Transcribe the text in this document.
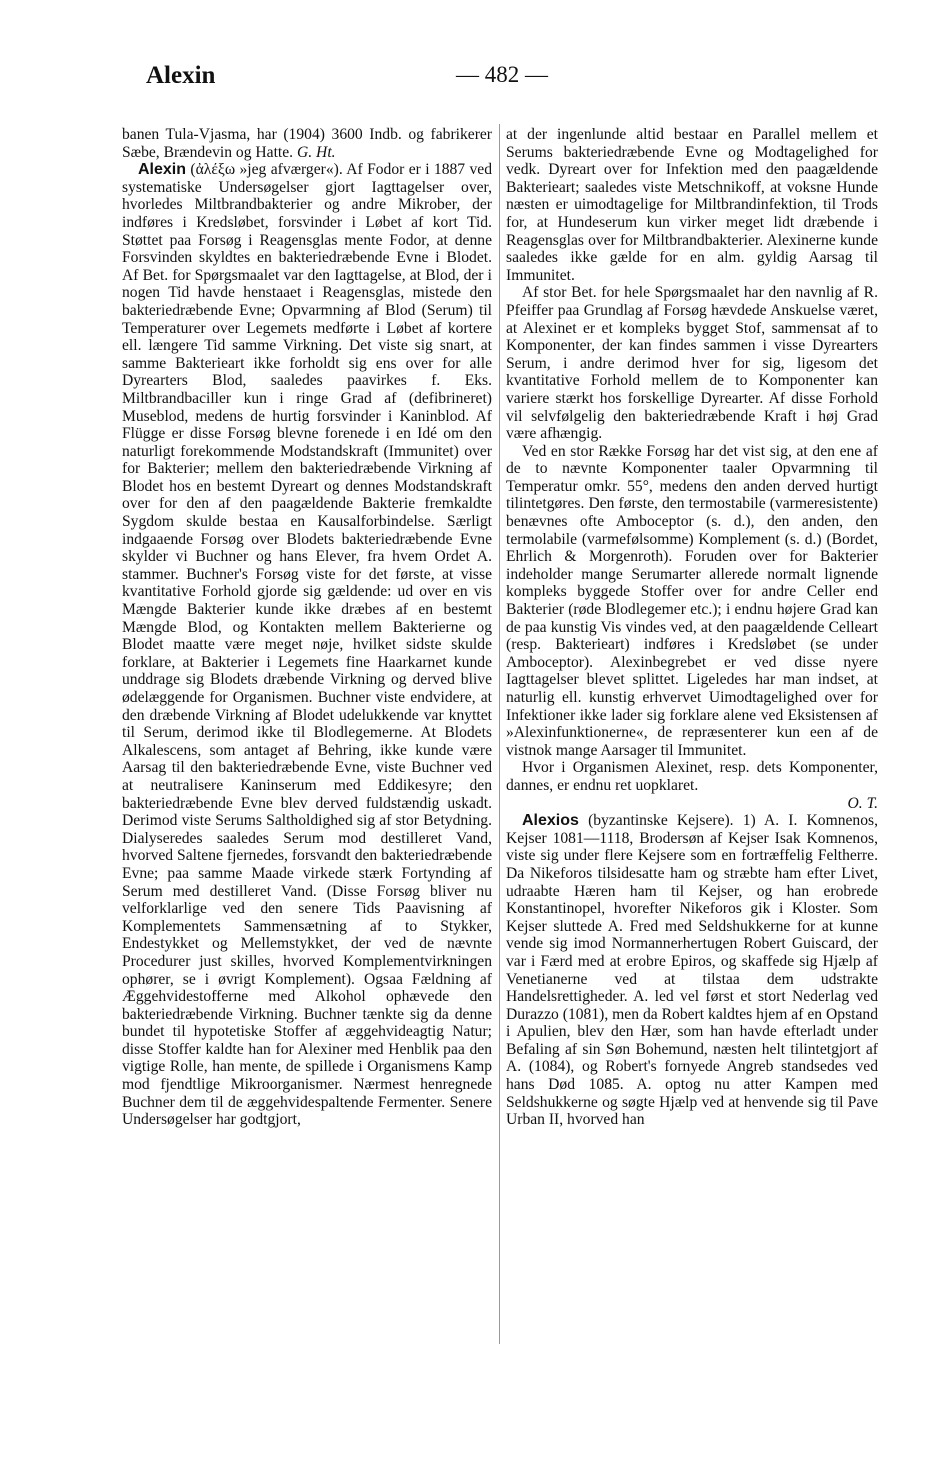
Alexin	— 482 —

banen Tula-Vjasma, har (1904) 3600 Indb. og fabrikerer Sæbe, Brændevin og Hatte. G. Ht.

Alexin (ἀλέξω »jeg afværger«). Af Fodor er i 1887 ved systematiske Undersøgelser gjort Iagttagelser over, hvorledes Miltbrandbakterier og andre Mikrober, der indføres i Kredsløbet, forsvinder i Løbet af kort Tid. Støttet paa Forsøg i Reagensglas mente Fodor, at denne Forsvinden skyldtes en bakteriedræbende Evne i Blodet. Af Bet. for Spørgsmaalet var den Iagttagelse, at Blod, der i nogen Tid havde henstaaet i Reagensglas, mistede den bakteriedræbende Evne; Opvarmning af Blod (Serum) til Temperaturer over Legemets medførte i Løbet af kortere ell. længere Tid samme Virkning. Det viste sig snart, at samme Bakterieart ikke forholdt sig ens over for alle Dyrearters Blod, saaledes paavirkes f. Eks. Miltbrandbaciller kun i ringe Grad af (defibrineret) Museblod, medens de hurtig forsvinder i Kaninblod. Af Flügge er disse Forsøg blevne forenede i en Idé om den naturligt forekommende Modstandskraft (Immunitet) over for Bakterier; mellem den bakteriedræbende Virkning af Blodet hos en bestemt Dyreart og dennes Modstandskraft over for den af den paagældende Bakterie fremkaldte Sygdom skulde bestaa en Kausalforbindelse. Særligt indgaaende Forsøg over Blodets bakteriedræbende Evne skylder vi Buchner og hans Elever, fra hvem Ordet A. stammer. Buchner's Forsøg viste for det første, at visse kvantitative Forhold gjorde sig gældende: ud over en vis Mængde Bakterier kunde ikke dræbes af en bestemt Mængde Blod, og Kontakten mellem Bakterierne og Blodet maatte være meget nøje, hvilket sidste skulde forklare, at Bakterier i Legemets fine Haarkarnet kunde unddrage sig Blodets dræbende Virkning og derved blive ødelæggende for Organismen. Buchner viste endvidere, at den dræbende Virkning af Blodet udelukkende var knyttet til Serum, derimod ikke til Blodlegemerne. At Blodets Alkalescens, som antaget af Behring, ikke kunde være Aarsag til den bakteriedræbende Evne, viste Buchner ved at neutralisere Kaninserum med Eddikesyre; den bakteriedræbende Evne blev derved fuldstændig uskadt. Derimod viste Serums Saltholdighed sig af stor Betydning. Dialyseredes saaledes Serum mod destilleret Vand, hvorved Saltene fjernedes, forsvandt den bakteriedræbende Evne; paa samme Maade virkede stærk Fortynding af Serum med destilleret Vand. (Disse Forsøg bliver nu velforklarlige ved den senere Tids Paavisning af Komplementets Sammensætning af to Stykker, Endestykket og Mellemstykket, der ved de nævnte Procedurer just skilles, hvorved Komplementvirkningen ophører, se i øvrigt Komplement). Ogsaa Fældning af Æggehvidestofferne med Alkohol ophævede den bakteriedræbende Virkning. Buchner tænkte sig da denne bundet til hypotetiske Stoffer af æggehvideagtig Natur; disse Stoffer kaldte han for Alexiner med Henblik paa den vigtige Rolle, han mente, de spillede i Organismens Kamp mod fjendtlige Mikroorganismer. Nærmest henregnede Buchner dem til de æggehvidespaltende Fermenter. Senere Undersøgelser har godtgjort,

at der ingenlunde altid bestaar en Parallel mellem et Serums bakteriedræbende Evne og Modtagelighed for vedk. Dyreart over for Infektion med den paagældende Bakterieart; saaledes viste Metschnikoff, at voksne Hunde næsten er uimodtagelige for Miltbrandinfektion, til Trods for, at Hundeserum kun virker meget lidt dræbende i Reagensglas over for Miltbrandbakterier. Alexinerne kunde saaledes ikke gælde for en alm. gyldig Aarsag til Immunitet.

Af stor Bet. for hele Spørgsmaalet har den navnlig af R. Pfeiffer paa Grundlag af Forsøg hævdede Anskuelse været, at Alexinet er et kompleks bygget Stof, sammensat af to Komponenter, der kan findes sammen i visse Dyrearters Serum, i andre derimod hver for sig, ligesom det kvantitative Forhold mellem de to Komponenter kan variere stærkt hos forskellige Dyrearter. Af disse Forhold vil selvfølgelig den bakteriedræbende Kraft i høj Grad være afhængig.

Ved en stor Række Forsøg har det vist sig, at den ene af de to nævnte Komponenter taaler Opvarmning til Temperatur omkr. 55°, medens den anden derved hurtigt tilintetgøres. Den første, den termostabile (varmeresistente) benævnes ofte Amboceptor (s. d.), den anden, den termolabile (varmefølsomme) Komplement (s. d.) (Bordet, Ehrlich & Morgenroth). Foruden over for Bakterier indeholder mange Serumarter allerede normalt lignende kompleks byggede Stoffer over for andre Celler end Bakterier (røde Blodlegemer etc.); i endnu højere Grad kan de paa kunstig Vis vindes ved, at den paagældende Celleart (resp. Bakterieart) indføres i Kredsløbet (se under Amboceptor). Alexinbegrebet er ved disse nyere Iagttagelser blevet splittet. Ligeledes har man indset, at naturlig ell. kunstig erhvervet Uimodtagelighed over for Infektioner ikke lader sig forklare alene ved Eksistensen af »Alexinfunktionerne«, de repræsenterer kun een af de vistnok mange Aarsager til Immunitet.

Hvor i Organismen Alexinet, resp. dets Komponenter, dannes, er endnu ret uopklaret.

O. T.

Alexios (byzantinske Kejsere). 1) A. I. Komnenos, Kejser 1081—1118, Brodersøn af Kejser Isak Komnenos, viste sig under flere Kejsere som en fortræffelig Feltherre. Da Nikeforos tilsidesatte ham og stræbte ham efter Livet, udraabte Hæren ham til Kejser, og han erobrede Konstantinopel, hvorefter Nikeforos gik i Kloster. Som Kejser sluttede A. Fred med Seldshukkerne for at kunne vende sig imod Normannerhertugen Robert Guiscard, der var i Færd med at erobre Epiros, og skaffede sig Hjælp af Venetianerne ved at tilstaa dem udstrakte Handelsrettigheder. A. led vel først et stort Nederlag ved Durazzo (1081), men da Robert kaldtes hjem af en Opstand i Apulien, blev den Hær, som han havde efterladt under Befaling af sin Søn Bohemund, næsten helt tilintetgjort af A. (1084), og Robert's fornyede Angreb standsedes ved hans Død 1085. A. optog nu atter Kampen med Seldshukkerne og søgte Hjælp ved at henvende sig til Pave Urban II, hvorved han
